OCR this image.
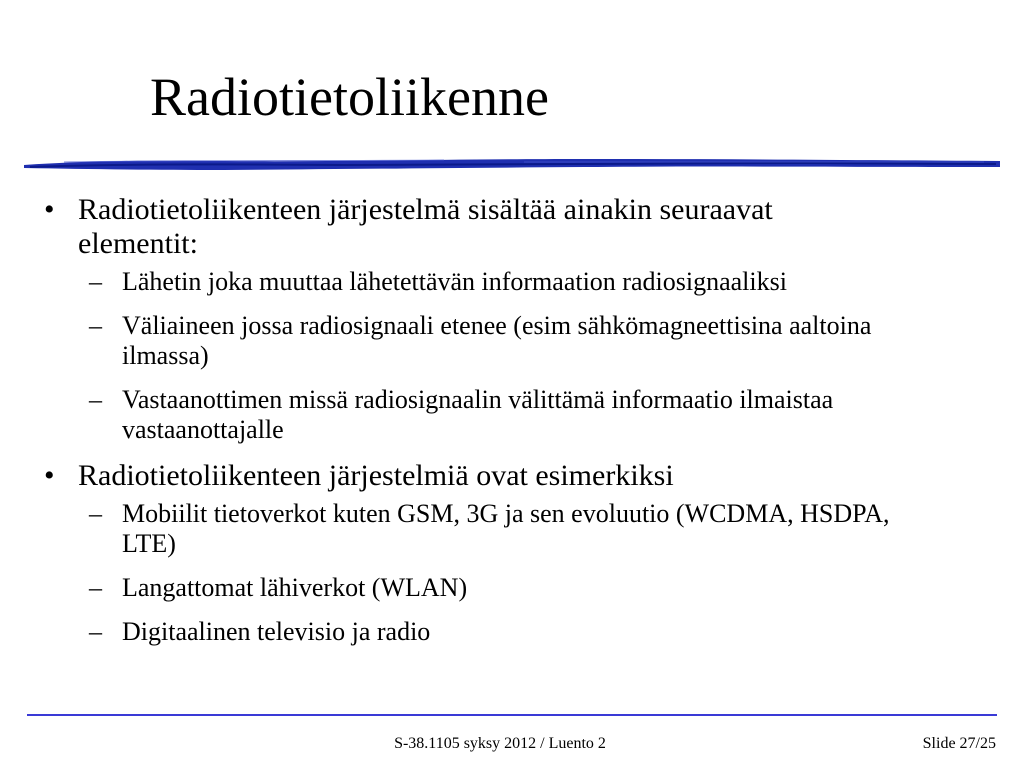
Radiotietoliikenne
• Radiotietoliikenteen järjestelmä sisältää ainakin seuraavat elementit:
– Lähetin joka muuttaa lähetettävän informaation radiosignaaliksi
– Väliaineen jossa radiosignaali etenee (esim sähkömagneettisina aaltoina ilmassa)
– Vastaanottimen missä radiosignaalin välittämä informaatio ilmaistaa vastaanottajalle
• Radiotietoliikenteen järjestelmiä ovat esimerkiksi
– Mobiilit tietoverkot kuten GSM, 3G ja sen evoluutio (WCDMA, HSDPA, LTE)
– Langattomat lähiverkot (WLAN)
– Digitaalinen televisio ja radio
S-38.1105 syksy 2012 / Luento 2	Slide 27/25
